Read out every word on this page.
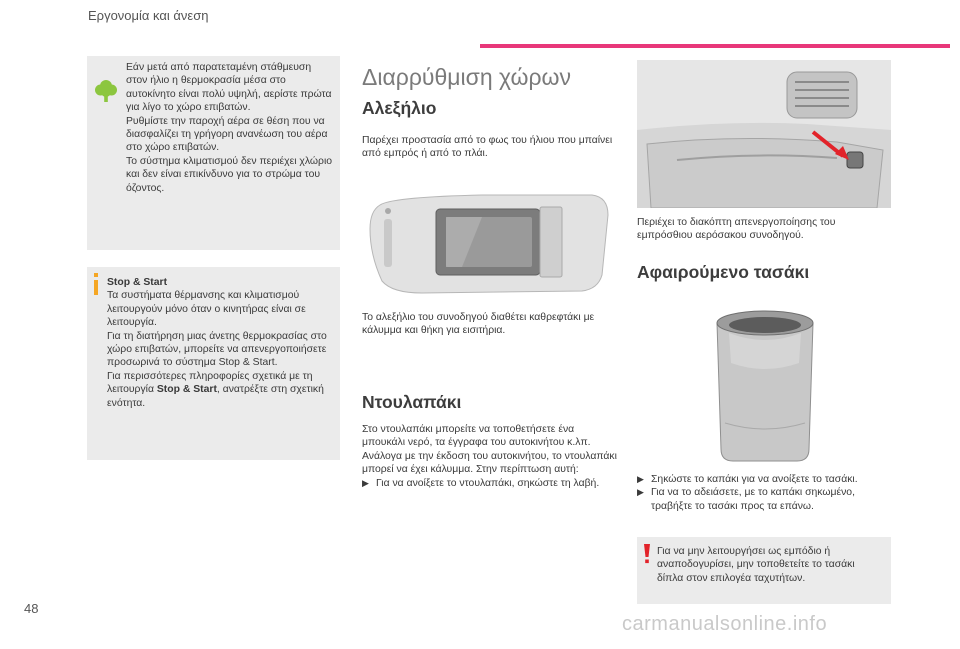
Εργονομία και άνεση
Εάν μετά από παρατεταμένη στάθμευση
στον ήλιο η θερμοκρασία μέσα στο
αυτοκίνητο είναι πολύ υψηλή, αερίστε πρώτα
για λίγο το χώρο επιβατών.
Ρυθμίστε την παροχή αέρα σε θέση που να
διασφαλίζει τη γρήγορη ανανέωση του αέρα
στο χώρο επιβατών.
Το σύστημα κλιματισμού δεν περιέχει χλώριο
και δεν είναι επικίνδυνο για το στρώμα του
όζοντος.
Stop & Start
Τα συστήματα θέρμανσης και κλιματισμού
λειτουργούν μόνο όταν ο κινητήρας είναι σε
λειτουργία.
Για τη διατήρηση μιας άνετης θερμοκρασίας στο
χώρο επιβατών, μπορείτε να απενεργοποιήσετε
προσωρινά το σύστημα Stop & Start.
Για περισσότερες πληροφορίες σχετικά με τη
λειτουργία Stop & Start, ανατρέξτε στη σχετική
ενότητα.
Διαρρύθμιση χώρων
Αλεξήλιο
Παρέχει προστασία από το φως του ήλιου που μπαίνει από εμπρός ή από το πλάι.
Το αλεξήλιο του συνοδηγού διαθέτει καθρεφτάκι με κάλυμμα και θήκη για εισιτήρια.
Ντουλαπάκι
Στο ντουλαπάκι μπορείτε να τοποθετήσετε ένα μπουκάλι νερό, τα έγγραφα του αυτοκινήτου κ.λπ. Ανάλογα με την έκδοση του αυτοκινήτου, το ντουλαπάκι μπορεί να έχει κάλυμμα. Στην περίπτωση αυτή:
▶ Για να ανοίξετε το ντουλαπάκι, σηκώστε τη λαβή.
Περιέχει το διακόπτη απενεργοποίησης του εμπρόσθιου αερόσακου συνοδηγού.
Αφαιρούμενο τασάκι
▶ Σηκώστε το καπάκι για να ανοίξετε το τασάκι.
▶ Για να το αδειάσετε, με το καπάκι σηκωμένο, τραβήξτε το τασάκι προς τα επάνω.
Για να μην λειτουργήσει ως εμπόδιο ή
αναποδογυρίσει, μην τοποθετείτε το τασάκι
δίπλα στον επιλογέα ταχυτήτων.
48
carmanualsonline.info
